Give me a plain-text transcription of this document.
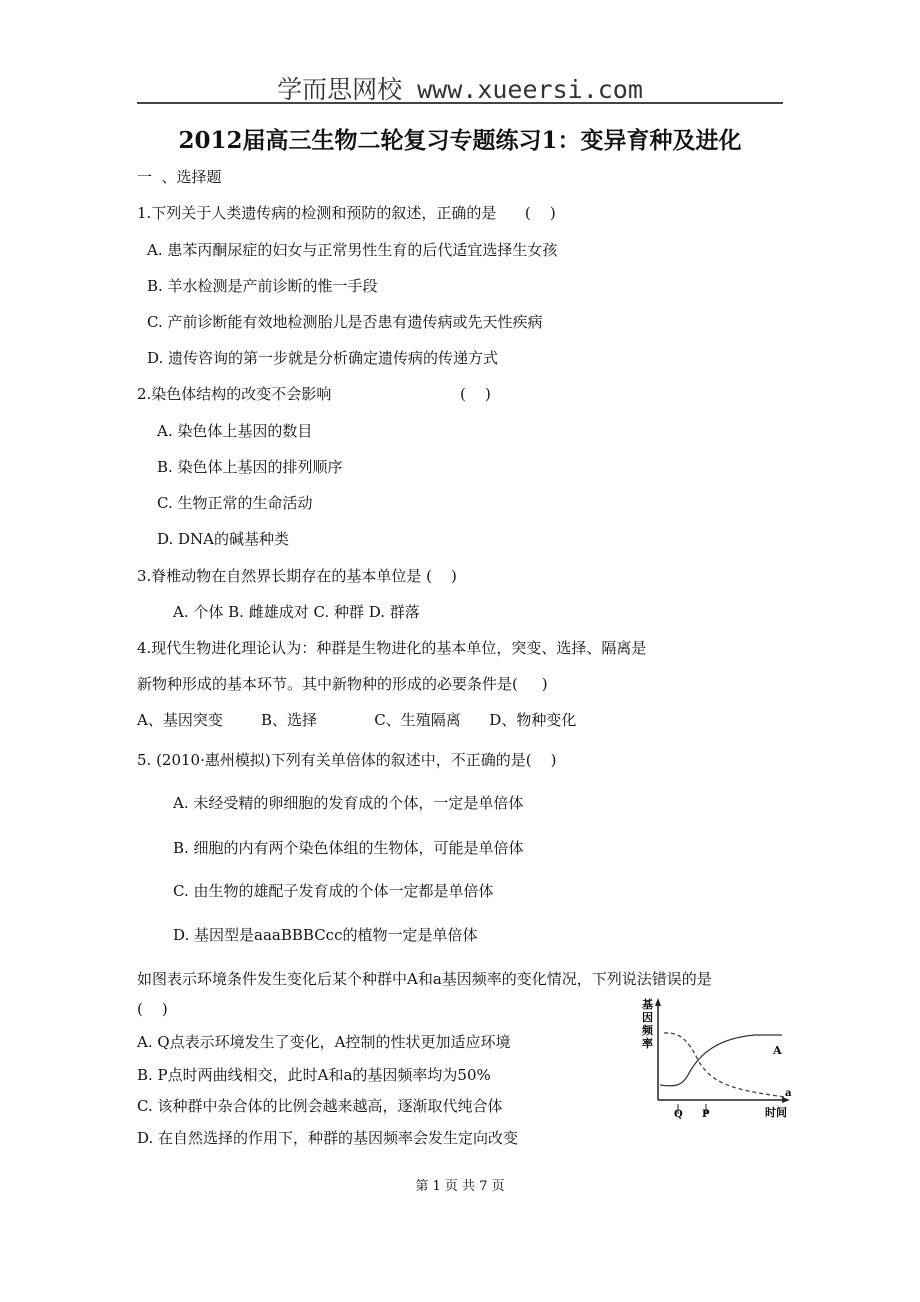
学而思网校 www.xueersi.com
2012届高三生物二轮复习专题练习1：变异育种及进化
一  、选择题
1.下列关于人类遗传病的检测和预防的叙述，正确的是      (    )
A. 患苯丙酮尿症的妇女与正常男性生育的后代适宜选择生女孩
B. 羊水检测是产前诊断的惟一手段
C. 产前诊断能有效地检测胎儿是否患有遗传病或先天性疾病
D. 遗传咨询的第一步就是分析确定遗传病的传递方式
2.染色体结构的改变不会影响                           (    )
A. 染色体上基因的数目
B. 染色体上基因的排列顺序
C. 生物正常的生命活动
D. DNA的碱基种类
3.脊椎动物在自然界长期存在的基本单位是 (    )
A. 个体 B. 雌雄成对 C. 种群 D. 群落
4.现代生物进化理论认为：种群是生物进化的基本单位，突变、选择、隔离是
新物种形成的基本环节。其中新物种的形成的必要条件是(     )
A、基因突变        B、选择            C、生殖隔离      D、物种变化
5. (2010·惠州模拟)下列有关单倍体的叙述中，不正确的是(    )
A. 未经受精的卵细胞的发育成的个体，一定是单倍体
B. 细胞的内有两个染色体组的生物体，可能是单倍体
C. 由生物的雄配子发育成的个体一定都是单倍体
D. 基因型是aaaBBBCcc的植物一定是单倍体
如图表示环境条件发生变化后某个种群中A和a基因频率的变化情况，下列说法错误的是
(    )
A. Q点表示环境发生了变化，A控制的性状更加适应环境
B. P点时两曲线相交，此时A和a的基因频率均为50%
C. 该种群中杂合体的比例会越来越高，逐渐取代纯合体
D. 在自然选择的作用下，种群的基因频率会发生定向改变
基
因
频
率
A
a
Q P	时间
第 1 页 共 7 页
